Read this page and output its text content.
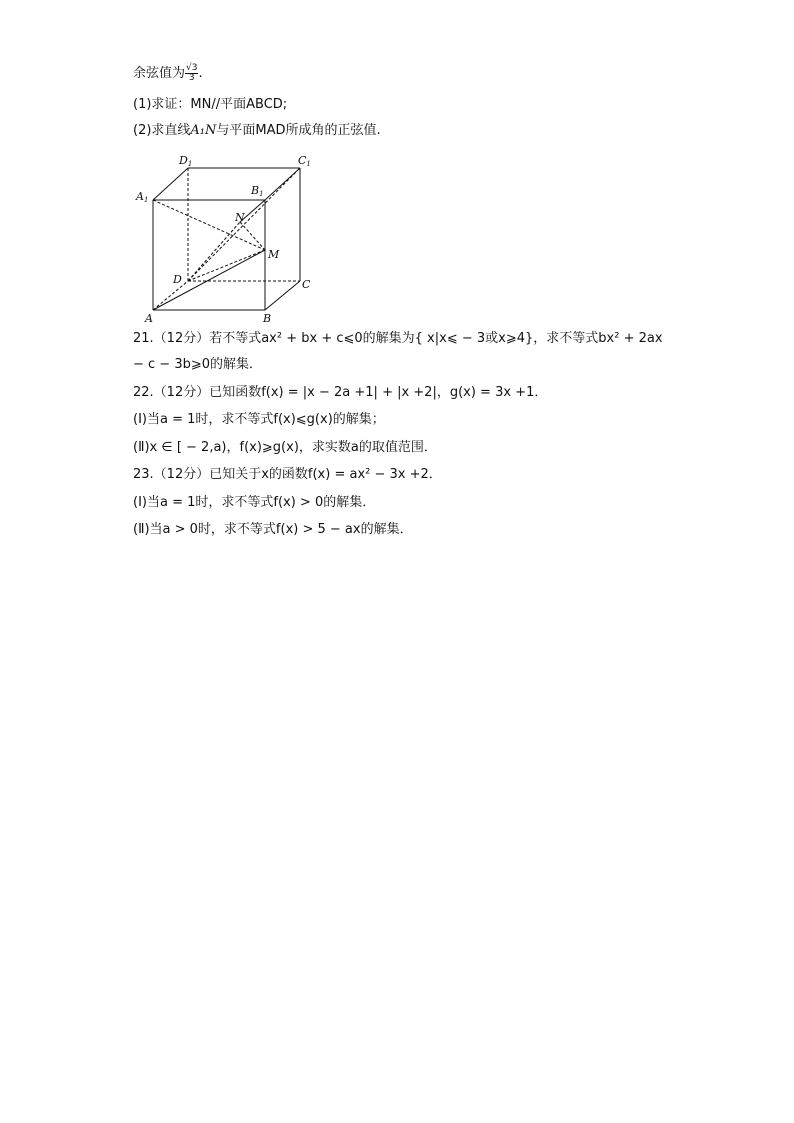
余弦值为 $\frac{√3}{3}$ .
(1)求证：MN//平面ABCD;
(2)求直线A₁N与平面MAD所成角的正弦值.
D1	C1
A1
B1
N
M
D	C
A	B
21.（12分）若不等式ax² + bx + c⩽0的解集为{ x|x⩽ − 3或x⩾4}，求不等式bx² + 2ax
− c − 3b⩾0的解集．
22.（12分）已知函数f(x) = |x − 2a +1| + |x +2|，g(x) = 3x +1．
(Ⅰ)当a = 1时，求不等式f(x)⩽g(x)的解集；
(Ⅱ)x ∈ [ − 2,a)，f(x)⩾g(x)，求实数a的取值范围．
23.（12分）已知关于x的函数f(x) = ax² − 3x +2．
(Ⅰ)当a = 1时，求不等式f(x) > 0的解集．
(Ⅱ)当a > 0时，求不等式f(x) > 5 − ax的解集．
